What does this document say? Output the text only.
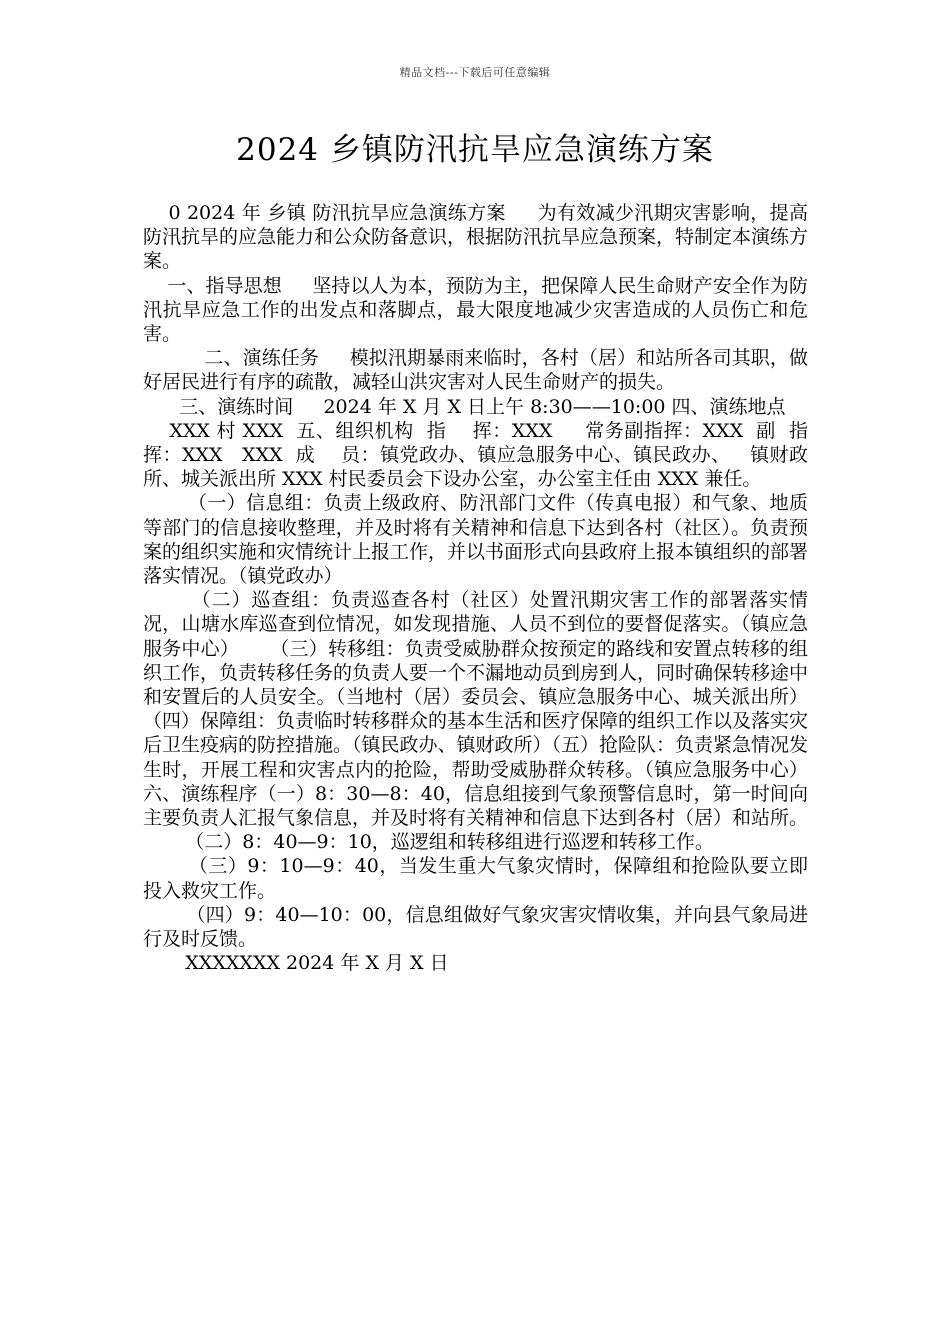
精品文档---下载后可任意编辑
2024 乡镇防汛抗旱应急演练方案

0 2024 年 乡镇 防汛抗旱应急演练方案     为有效减少汛期灾害影响，提高防汛抗旱的应急能力和公众防备意识，根据防汛抗旱应急预案，特制定本演练方案。

一、指导思想     坚持以人为本，预防为主，把保障人民生命财产安全作为防汛抗旱应急工作的出发点和落脚点，最大限度地减少灾害造成的人员伤亡和危害。

二、演练任务     模拟汛期暴雨来临时，各村（居）和站所各司其职，做好居民进行有序的疏散，减轻山洪灾害对人民生命财产的损失。

三、演练时间     2024 年 X 月 X 日上午 8:30——10:00 四、演练地点

XXX 村 XXX  五、组织机构  指    挥：XXX     常务副指挥：XXX  副  指  挥：XXX   XXX  成    员：镇党政办、镇应急服务中心、镇民政办、   镇财政所、城关派出所 XXX 村民委员会下设办公室，办公室主任由 XXX 兼任。

（一）信息组：负责上级政府、防汛部门文件（传真电报）和气象、地质等部门的信息接收整理，并及时将有关精神和信息下达到各村（社区）。负责预案的组织实施和灾情统计上报工作，并以书面形式向县政府上报本镇组织的部署落实情况。（镇党政办）

（二）巡查组：负责巡查各村（社区）处置汛期灾害工作的部署落实情况，山塘水库巡查到位情况，如发现措施、人员不到位的要督促落实。（镇应急服务中心）     （三）转移组：负责受威胁群众按预定的路线和安置点转移的组织工作，负责转移任务的负责人要一个不漏地动员到房到人，同时确保转移途中和安置后的人员安全。（当地村（居）委员会、镇应急服务中心、城关派出所）（四）保障组：负责临时转移群众的基本生活和医疗保障的组织工作以及落实灾后卫生疫病的防控措施。（镇民政办、镇财政所）（五）抢险队：负责紧急情况发生时，开展工程和灾害点内的抢险，帮助受威胁群众转移。（镇应急服务中心）   六、演练程序（一）8：30—8：40，信息组接到气象预警信息时，第一时间向主要负责人汇报气象信息，并及时将有关精神和信息下达到各村（居）和站所。

（二）8：40—9：10，巡逻组和转移组进行巡逻和转移工作。

（三）9：10—9：40，当发生重大气象灾情时，保障组和抢险队要立即投入救灾工作。

（四）9：40—10：00，信息组做好气象灾害灾情收集，并向县气象局进行及时反馈。

XXXXXXX 2024 年 X 月 X 日
